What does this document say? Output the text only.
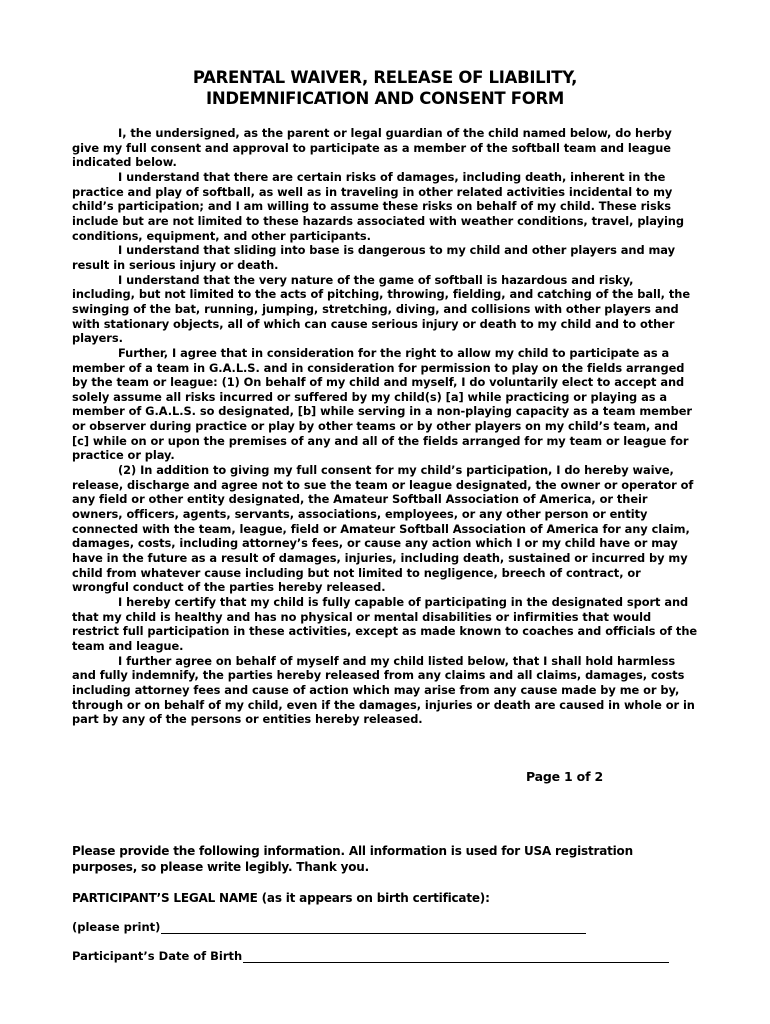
PARENTAL WAIVER, RELEASE OF LIABILITY,
INDEMNIFICATION AND CONSENT FORM

I, the undersigned, as the parent or legal guardian of the child named below, do herby give my full consent and approval to participate as a member of the softball team and league indicated below.

I understand that there are certain risks of damages, including death, inherent in the practice and play of softball, as well as in traveling in other related activities incidental to my child’s participation; and I am willing to assume these risks on behalf of my child. These risks include but are not limited to these hazards associated with weather conditions, travel, playing conditions, equipment, and other participants.

I understand that sliding into base is dangerous to my child and other players and may result in serious injury or death.

I understand that the very nature of the game of softball is hazardous and risky, including, but not limited to the acts of pitching, throwing, fielding, and catching of the ball, the swinging of the bat, running, jumping, stretching, diving, and collisions with other players and with stationary objects, all of which can cause serious injury or death to my child and to other players.

Further, I agree that in consideration for the right to allow my child to participate as a member of a team in G.A.L.S. and in consideration for permission to play on the fields arranged by the team or league: (1) On behalf of my child and myself, I do voluntarily elect to accept and solely assume all risks incurred or suffered by my child(s) [a] while practicing or playing as a member of G.A.L.S. so designated, [b] while serving in a non-playing capacity as a team member or observer during practice or play by other teams or by other players on my child’s team, and [c] while on or upon the premises of any and all of the fields arranged for my team or league for practice or play.

(2) In addition to giving my full consent for my child’s participation, I do hereby waive, release, discharge and agree not to sue the team or league designated, the owner or operator of any field or other entity designated, the Amateur Softball Association of America, or their owners, officers, agents, servants, associations, employees, or any other person or entity connected with the team, league, field or Amateur Softball Association of America for any claim, damages, costs, including attorney’s fees, or cause any action which I or my child have or may have in the future as a result of damages, injuries, including death, sustained or incurred by my child from whatever cause including but not limited to negligence, breech of contract, or wrongful conduct of the parties hereby released.

I hereby certify that my child is fully capable of participating in the designated sport and that my child is healthy and has no physical or mental disabilities or infirmities that would restrict full participation in these activities, except as made known to coaches and officials of the team and league.

I further agree on behalf of myself and my child listed below, that I shall hold harmless and fully indemnify, the parties hereby released from any claims and all claims, damages, costs including attorney fees and cause of action which may arise from any cause made by me or by, through or on behalf of my child, even if the damages, injuries or death are caused in whole or in part by any of the persons or entities hereby released.

Page 1 of 2
Please provide the following information. All information is used for USA registration purposes, so please write legibly. Thank you.
PARTICIPANT’S LEGAL NAME (as it appears on birth certificate):
(please print)
Participant’s Date of Birth
